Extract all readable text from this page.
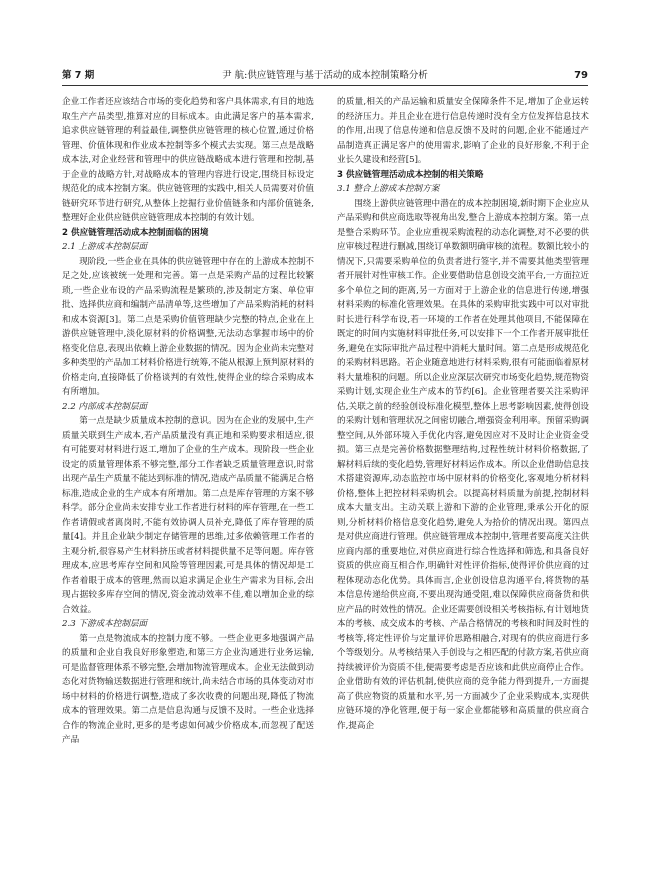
第 7 期	尹 航:供应链管理与基于活动的成本控制策略分析	79

企业工作者还应该结合市场的变化趋势和客户具体需求,有目的地选取生产产品类型,推算对应的目标成本。由此满足客户的基本需求,追求供应链管理的利益最佳,调整供应链管理的核心位置,通过价格管理、价值体现和作业成本控制等多个模式去实现。第三点是战略成本法,对企业经营和管理中的供应链战略成本进行管理和控制,基于企业的战略方针,对战略成本的管理内容进行设定,围绕目标设定规范化的成本控制方案。供应链管理的实践中,相关人员需要对价值链研究环节进行研究,从整体上挖掘行业价值链条和内部价值链条,整理好企业供应链供应链管理成本控制的有效计划。

2 供应链管理活动成本控制面临的困境

2.1 上游成本控制层面

现阶段,一些企业在具体的供应链管理中存在的上游成本控制不足之处,应该被统一处理和完善。第一点是采购产品的过程比较繁琐,一些企业布设的产品采购流程是繁琐的,涉及制定方案、单位审批、选择供应商和编制产品清单等,这些增加了产品采购消耗的材料和成本资源[3]。第二点是采购价值管理缺少完整的特点,企业在上游供应链管理中,淡化原材料的价格调整,无法动态掌握市场中的价格变化信息,表现出依赖上游企业数据的情况。因为企业尚未完整对多种类型的产品加工材料价格进行统筹,不能从根源上预判原材料的价格走向,直接降低了价格谈判的有效性,使得企业的综合采购成本有所增加。

2.2 内部成本控制层面

第一点是缺少质量成本控制的意识。因为在企业的发展中,生产质量关联到生产成本,若产品质量没有真正地和采购要求相适应,很有可能要对材料进行返工,增加了企业的生产成本。现阶段一些企业设定的质量管理体系不够完整,部分工作者缺乏质量管理意识,时常出现产品生产质量不能达到标准的情况,造成产品质量不能满足合格标准,造成企业的生产成本有所增加。第二点是库存管理的方案不够科学。部分企业尚未安排专业工作者进行材料的库存管理,在一些工作者请假或者离岗时,不能有效协调人员补充,降低了库存管理的质量[4]。并且企业缺少制定存储管理的思维,过多依赖管理工作者的主观分析,很容易产生材料挤压或者材料提供量不足等问题。库存管理成本,应思考库存空间和风险等管理因素,可是具体的情况却是工作者着眼于成本的管理,然而以追求满足企业生产需求为目标,会出现占据较多库存空间的情况,资金流动效率不佳,难以增加企业的综合效益。

2.3 下游成本控制层面

第一点是物流成本的控制力度不够。一些企业更多地强调产品的质量和企业自我良好形象塑造,和第三方企业沟通进行业务运输,可是监督管理体系不够完整,会增加物流管理成本。企业无法做到动态化对货物输送数据进行管理和统计,尚未结合市场的具体变动对市场中材料的价格进行调整,造成了多次收费的问题出现,降低了物流成本的管理效果。第二点是信息沟通与反馈不及时。一些企业选择合作的物流企业时,更多的是考虑如何减少价格成本,而忽视了配送产品

的质量,相关的产品运输和质量安全保障条件不足,增加了企业运转的经济压力。并且企业在进行信息传递时没有全方位发挥信息技术的作用,出现了信息传递和信息反馈不及时的问题,企业不能通过产品制造真正满足客户的使用需求,影响了企业的良好形象,不利于企业长久建设和经营[5]。

3 供应链管理活动成本控制的相关策略

3.1 整合上游成本控制方案

围绕上游供应链管理中潜在的成本控制困境,新时期下企业应从产品采购和供应商选取等视角出发,整合上游成本控制方案。第一点是整合采购环节。企业应重视采购流程的动态化调整,对不必要的供应审核过程进行删减,围绕订单数额明确审核的流程。数额比较小的情况下,只需要采购单位的负责者进行签字,并不需要其他类型管理者开展针对性审核工作。企业要借助信息创设交流平台,一方面拉近多个单位之间的距离,另一方面对于上游企业的信息进行传递,增强材料采购的标准化管理效果。在具体的采购审批实践中可以对审批时长进行科学布设,若一环境的工作者在处理其他项目,不能保障在既定的时间内实施材料审批任务,可以安排下一个工作者开展审批任务,避免在实际审批产品过程中消耗大量时间。第二点是形成规范化的采购材料思路。若企业随意地进行材料采购,很有可能面临着原材料大量堆积的问题。所以企业应深层次研究市场变化趋势,规范物资采购计划,实现企业生产成本的节约[6]。企业管理者要关注采购评估,关联之前的经验创设标准化模型,整体上思考影响因素,使得创设的采购计划和管理状况之间密切融合,增强资金利用率。预留采购调整空间,从外部环境入手优化内容,避免因应对不及时让企业资金受损。第三点是完善价格数据整理结构,过程性统计材料价格数据,了解材料后续的变化趋势,管理好材料运作成本。所以企业借助信息技术搭建资源库,动态监控市场中原材料的价格变化,客观地分析材料价格,整体上把控材料采购机会。以提高材料质量为前提,控制材料成本大量支出。主动关联上游和下游的企业管理,秉承公开化的原则,分析材料价格信息变化趋势,避免人为拾价的情况出现。第四点是对供应商进行管理。供应链管理成本控制中,管理者要高度关注供应商内部的重要地位,对供应商进行综合性选择和筛选,和具备良好资质的供应商互相合作,明确针对性评价指标,使得评价供应商的过程体现动态化优势。具体而言,企业创设信息沟通平台,将货物的基本信息传递给供应商,不要出现沟通受阻,难以保障供应商备货和供应产品的时效性的情况。企业还需要创设相关考核指标,有计划地货本的考核、成交成本的考核、产品合格情况的考核和时间及时性的考核等,将定性评价与定量评价思路相融合,对现有的供应商进行多个等级划分。从考核结果入手创设与之相匹配的付款方案,若供应商持续被评价为资质不佳,便需要考虑是否应该和此供应商停止合作。企业借助有效的评估机制,使供应商的竞争能力得到提升,一方面提高了供应物资的质量和水平,另一方面减少了企业采购成本,实现供应链环境的净化管理,便于每一家企业都能够和高质量的供应商合作,提高企
